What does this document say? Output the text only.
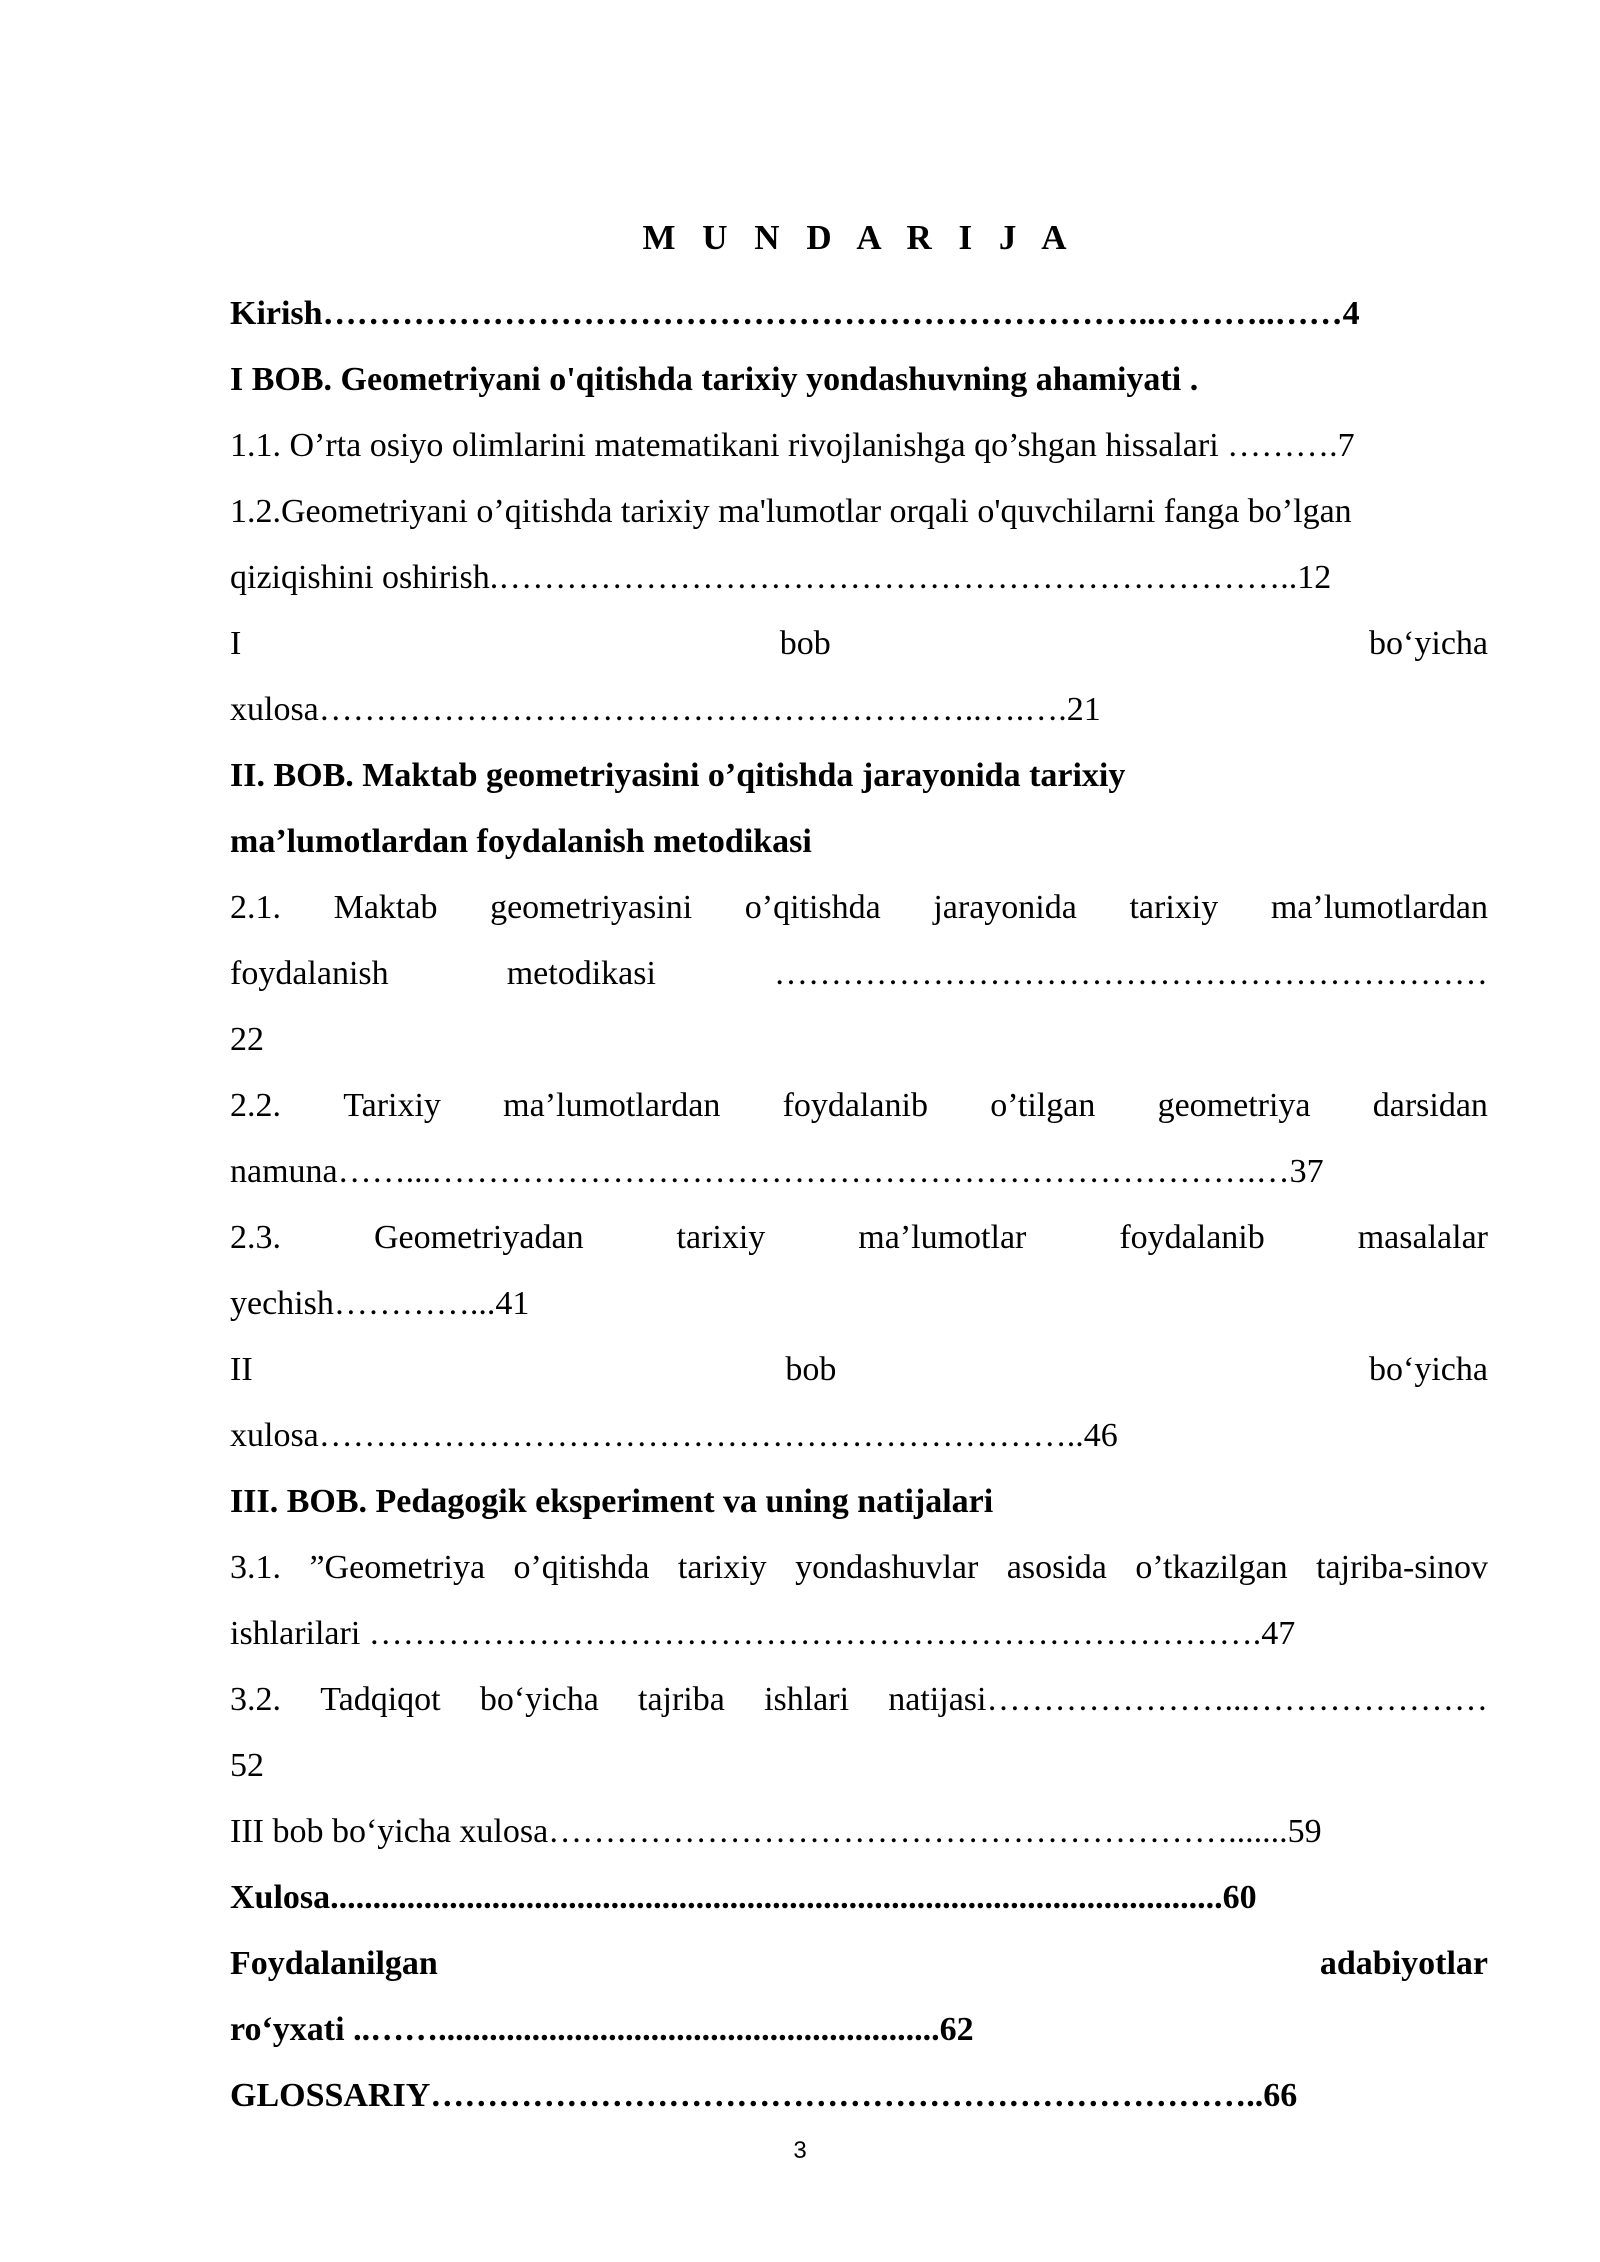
M U N D A R I J A
Kirish………………………………………………………………..………..……4
I BOB. Geometriyani o'qitishda tarixiy yondashuvning ahamiyati .
1.1. O’rta osiyo olimlarini matematikani rivojlanishga qo’shgan hissalari ……….7
1.2.Geometriyani o’qitishda tarixiy ma'lumotlar orqali o'quvchilarni fanga bo’lgan
qiziqishini oshirish.……………………………………………………………..12
I	bob	bo‘yicha
xulosa…………………………………………………..….….21
II. BOB. Maktab geometriyasini o’qitishda jarayonida tarixiy
ma’lumotlardan foydalanish metodikasi
2.1. Maktab geometriyasini o’qitishda jarayonida tarixiy ma’lumotlardan
foydalanish	metodikasi	………………………………………………………
22
2.2. Tarixiy ma’lumotlardan foydalanib o’tilgan geometriya darsidan
namuna……...……………………………………………………………….…37
2.3.	Geometriyadan	tarixiy	ma’lumotlar	foydalanib	masalalar
yechish…………...41
II	bob	bo‘yicha
xulosa…………………………………………………………..46
III. BOB. Pedagogik eksperiment va uning natijalari
3.1. ”Geometriya o’qitishda tarixiy yondashuvlar asosida o’tkazilgan tajriba-sinov
ishlarilari …………………………………………………………………….47
3.2. Tadqiqot bo‘yicha tajriba ishlari natijasi…………………...…………………
52
III bob bo‘yicha xulosa…………………………………………………….......59
Xulosa.........................................................................................................60
Foydalanilgan	adabiyotlar
ro‘yxati ..……...........................................................62
GLOSSARIY………………………………………………………………..66
3
